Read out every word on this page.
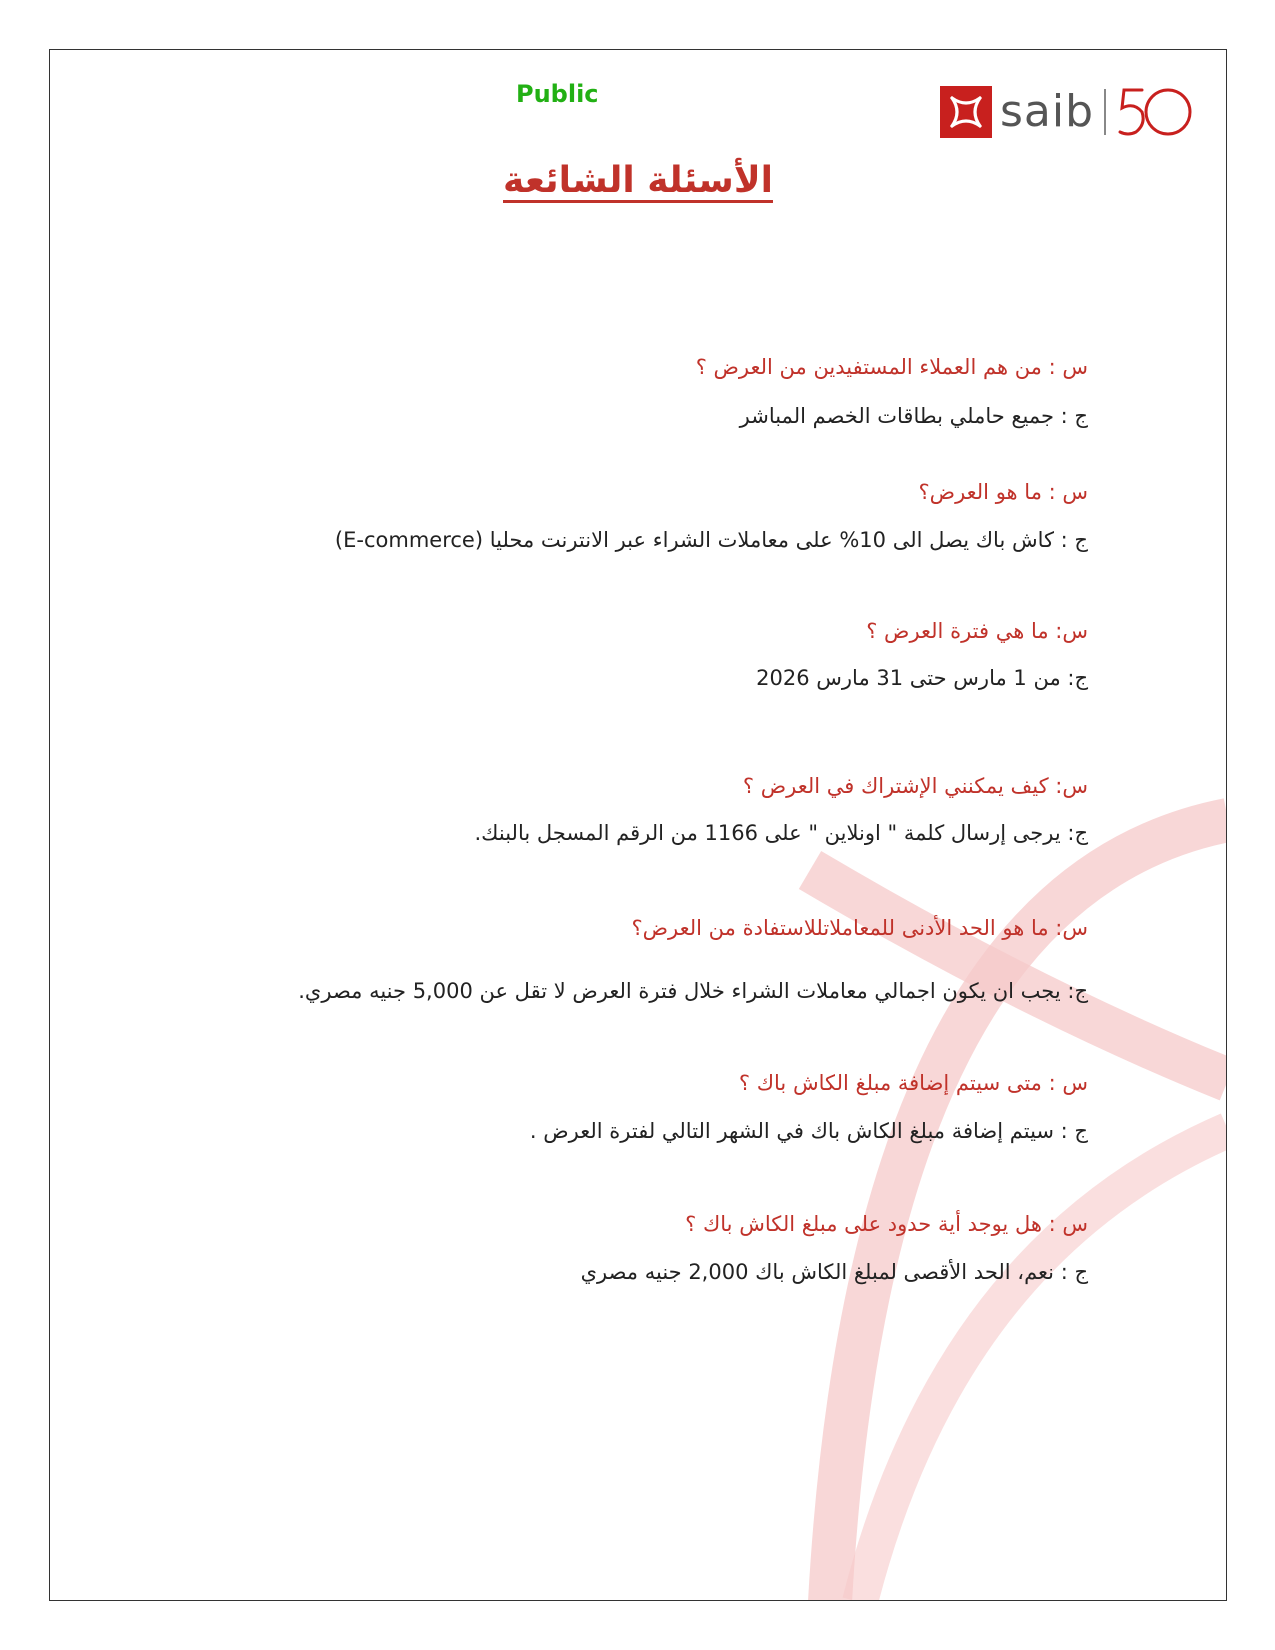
Public	saib
الأسئلة الشائعة
س : من هم العملاء المستفيدين من العرض ؟
ج : جميع حاملي بطاقات الخصم المباشر
س : ما هو العرض؟
ج : كاش باك يصل الى 10% على معاملات الشراء عبر الانترنت محليا (E-commerce)
س: ما هي فترة العرض ؟
ج: من 1 مارس حتى 31 مارس 2026
س: كيف يمكنني الإشتراك في العرض ؟
ج: يرجى إرسال كلمة " اونلاين " على 1166 من الرقم المسجل بالبنك.
س: ما هو الحد الأدنى للمعاملاتللاستفادة من العرض؟
ج: يجب ان يكون اجمالي معاملات الشراء خلال فترة العرض لا تقل عن 5,000 جنيه مصري.
س : متى سيتم إضافة مبلغ الكاش باك ؟
ج : سيتم إضافة مبلغ الكاش باك في الشهر التالي لفترة العرض .
س : هل يوجد أية حدود على مبلغ الكاش باك ؟
ج : نعم، الحد الأقصى لمبلغ الكاش باك 2,000 جنيه مصري
